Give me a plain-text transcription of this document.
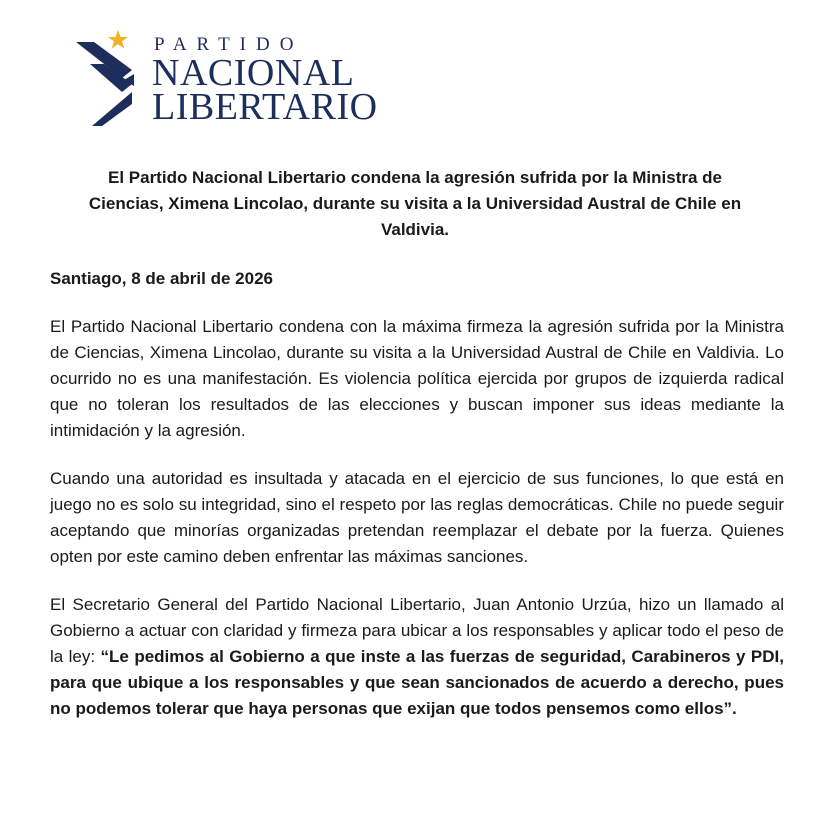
PARTIDO
NACIONAL
LIBERTARIO
El Partido Nacional Libertario condena la agresión sufrida por la Ministra de Ciencias, Ximena Lincolao, durante su visita a la Universidad Austral de Chile en Valdivia.

Santiago, 8 de abril de 2026

El Partido Nacional Libertario condena con la máxima firmeza la agresión sufrida por la Ministra de Ciencias, Ximena Lincolao, durante su visita a la Universidad Austral de Chile en Valdivia. Lo ocurrido no es una manifestación. Es violencia política ejercida por grupos de izquierda radical que no toleran los resultados de las elecciones y buscan imponer sus ideas mediante la intimidación y la agresión.

Cuando una autoridad es insultada y atacada en el ejercicio de sus funciones, lo que está en juego no es solo su integridad, sino el respeto por las reglas democráticas. Chile no puede seguir aceptando que minorías organizadas pretendan reemplazar el debate por la fuerza. Quienes opten por este camino deben enfrentar las máximas sanciones.

El Secretario General del Partido Nacional Libertario, Juan Antonio Urzúa, hizo un llamado al Gobierno a actuar con claridad y firmeza para ubicar a los responsables y aplicar todo el peso de la ley: “Le pedimos al Gobierno a que inste a las fuerzas de seguridad, Carabineros y PDI, para que ubique a los responsables y que sean sancionados de acuerdo a derecho, pues no podemos tolerar que haya personas que exijan que todos pensemos como ellos”.
